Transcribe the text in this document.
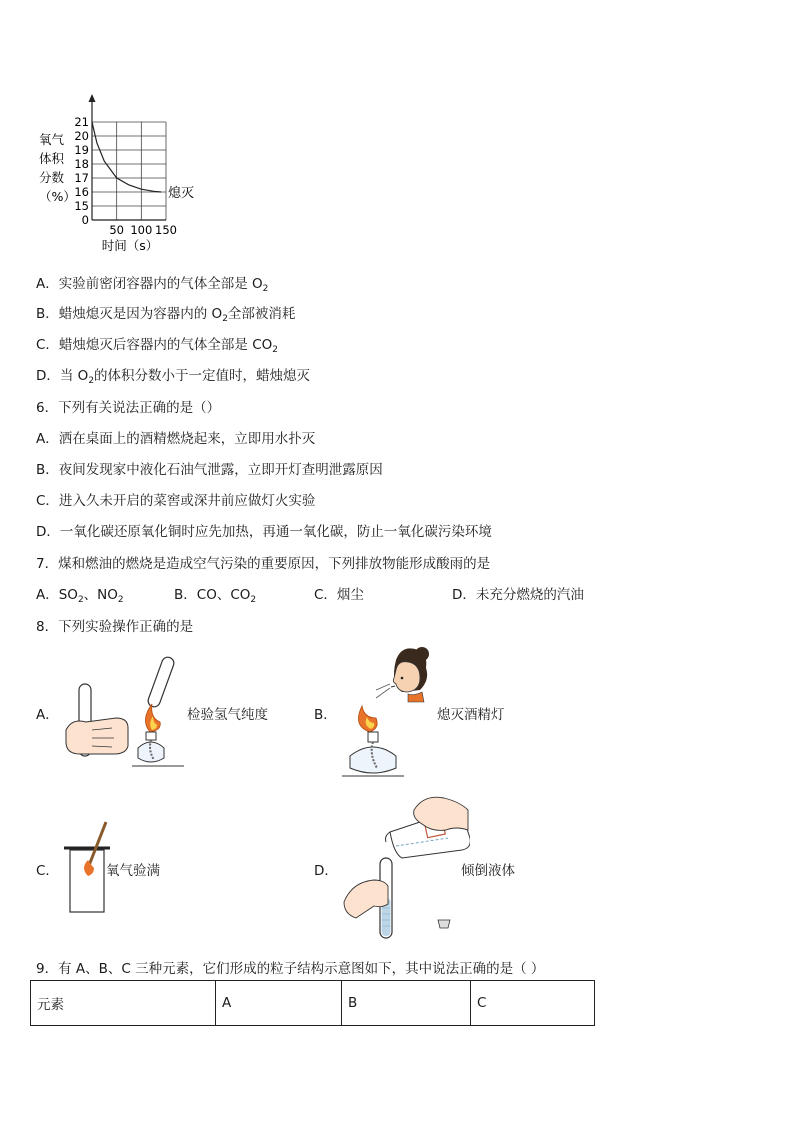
氧气
体积
分数
（%）
21
20
19
18
17
16
15
0
50 100 150
熄灭
时间（s）
A．实验前密闭容器内的气体全部是 $O_2$
B．蜡烛熄灭是因为容器内的 $O_2$全部被消耗
C．蜡烛熄灭后容器内的气体全部是 $CO_2$
D．当 $O_2$的体积分数小于一定值时，蜡烛熄灭
6．下列有关说法正确的是（）
A．洒在桌面上的酒精燃烧起来，立即用水扑灭
B．夜间发现家中液化石油气泄露，立即开灯查明泄露原因
C．进入久未开启的菜窖或深井前应做灯火实验
D．一氧化碳还原氧化铜时应先加热，再通一氧化碳，防止一氧化碳污染环境
7．煤和燃油的燃烧是造成空气污染的重要原因，下列排放物能形成酸雨的是
A．$SO_2$、$NO_2$	B．CO、$CO_2$	C．烟尘	D．未充分燃烧的汽油
8．下列实验操作正确的是
A．	检验氢气纯度	B．	熄灭酒精灯
C．	氧气验满	D．	倾倒液体
9．有 A、B、C 三种元素，它们形成的粒子结构示意图如下，其中说法正确的是（ ）
元素	A	B	C
